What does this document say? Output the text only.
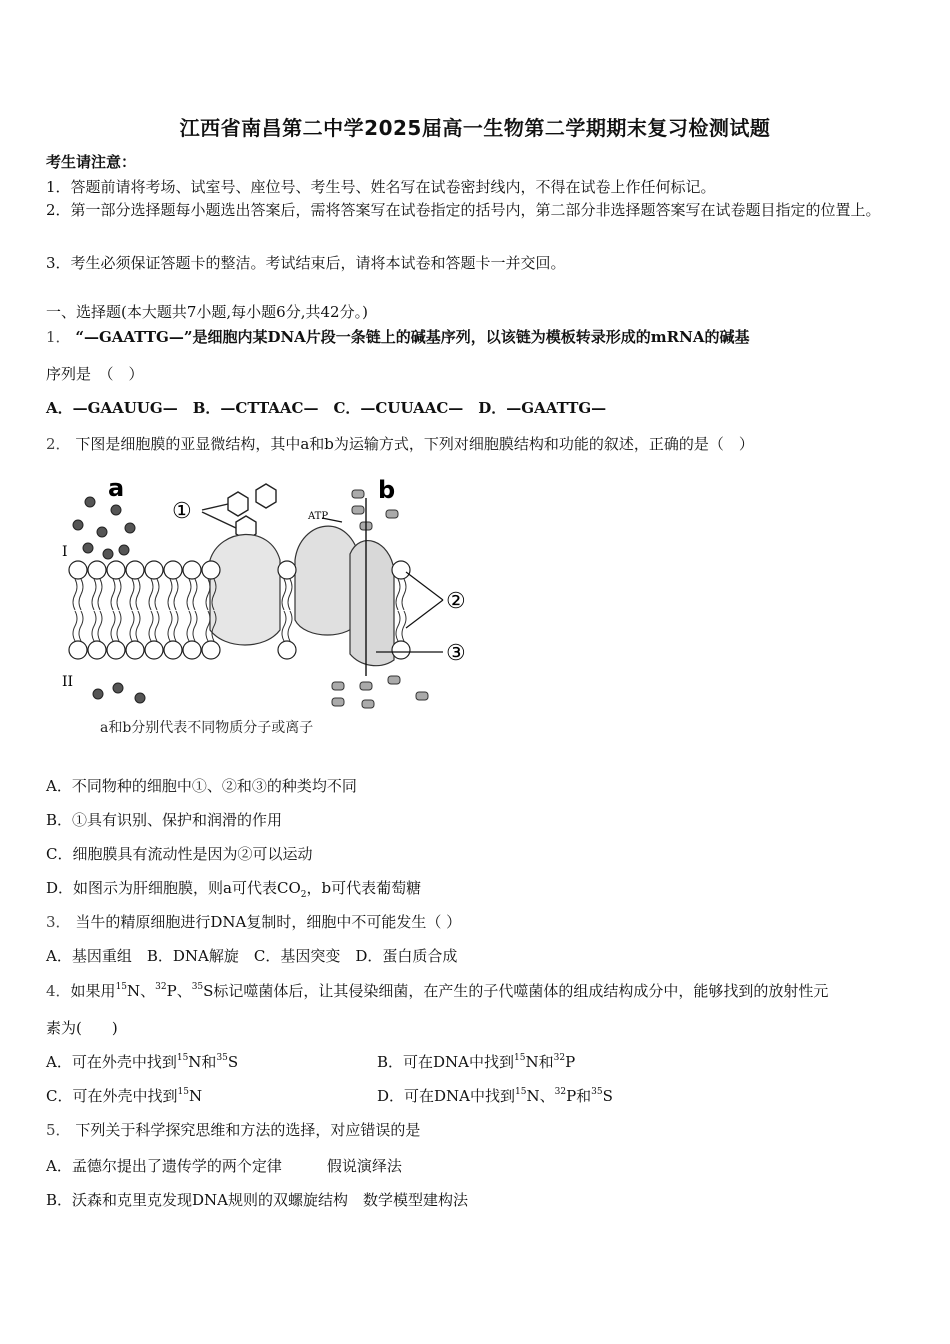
江西省南昌第二中学2025届高一生物第二学期期末复习检测试题
考生请注意：
1．答题前请将考场、试室号、座位号、考生号、姓名写在试卷密封线内，不得在试卷上作任何标记。
2．第一部分选择题每小题选出答案后，需将答案写在试卷指定的括号内，第二部分非选择题答案写在试卷题目指定的位置上。
3．考生必须保证答题卡的整洁。考试结束后，请将本试卷和答题卡一并交回。
一、选择题(本大题共7小题,每小题6分,共42分。)
1． “—GAATTG—”是细胞内某DNA片段一条链上的碱基序列，以该链为模板转录形成的mRNA的碱基
序列是　（　）
A．—GAAUUG—　B．—CTTAAC—　C．—CUUAAC—　D．—GAATTG—
2． 下图是细胞膜的亚显微结构，其中a和b为运输方式，下列对细胞膜结构和功能的叙述，正确的是（　）
a	b
ATP
①
②
③
I
II
a和b分别代表不同物质分子或离子
A．不同物种的细胞中①、②和③的种类均不同
B．①具有识别、保护和润滑的作用
C．细胞膜具有流动性是因为②可以运动
D．如图示为肝细胞膜，则a可代表$CO_2$，b可代表葡萄糖
3． 当牛的精原细胞进行DNA复制时，细胞中不可能发生（ ）
A．基因重组　B．DNA解旋　C．基因突变　D．蛋白质合成
4．如果用$^{15}$N、$^{32}$P、$^{35}$S标记噬菌体后，让其侵染细菌，在产生的子代噬菌体的组成结构成分中，能够找到的放射性元
素为(　　)
A．可在外壳中找到$^{15}$N和$^{35}$S	B．可在DNA中找到$^{15}$N和$^{32}$P
C．可在外壳中找到$^{15}$N	D．可在DNA中找到$^{15}$N、$^{32}$P和$^{35}$S
5． 下列关于科学探究思维和方法的选择，对应错误的是
A．孟德尔提出了遗传学的两个定律　　　假说演绎法
B．沃森和克里克发现DNA规则的双螺旋结构　数学模型建构法
